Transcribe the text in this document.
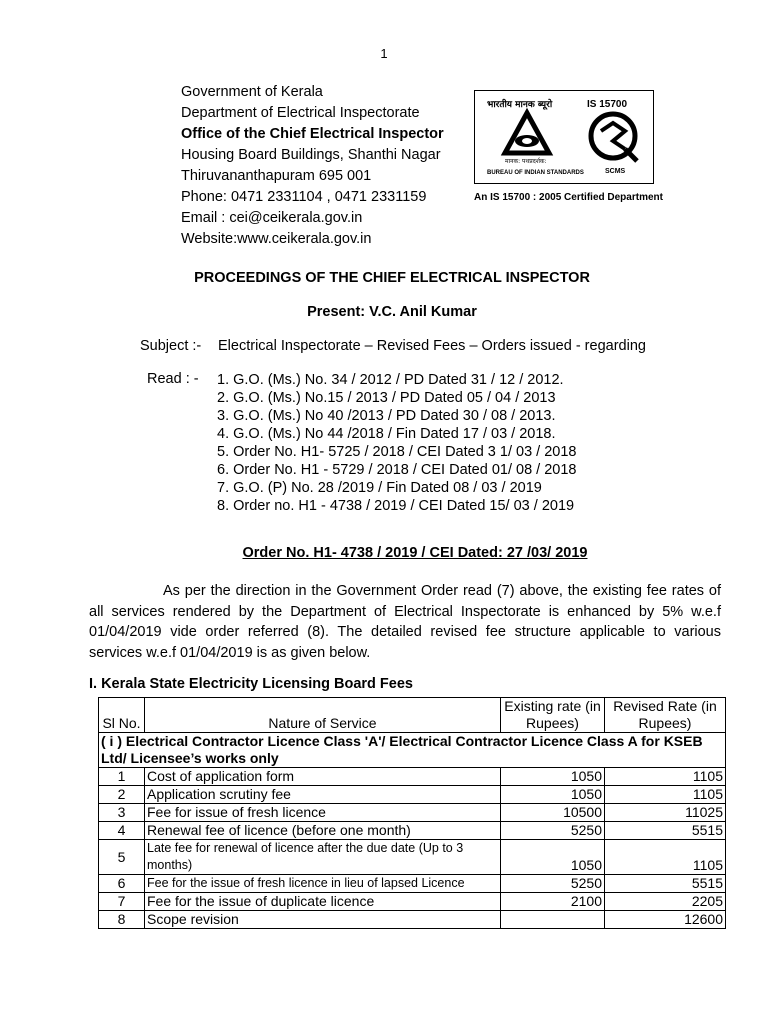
1
Government of Kerala
Department of Electrical Inspectorate
Office of the Chief Electrical Inspector
Housing Board Buildings, Shanthi Nagar
Thiruvananthapuram 695 001
Phone: 0471 2331104 , 0471 2331159
Email : cei@ceikerala.gov.in
Website:www.ceikerala.gov.in
भारतीय मानक ब्यूरो	IS 15700
मानक: पथप्रदर्शक:
BUREAU OF INDIAN STANDARDS	SCMS
An IS 15700 : 2005 Certified Department
PROCEEDINGS OF THE CHIEF ELECTRICAL INSPECTOR
Present: V.C. Anil Kumar
Subject :- Electrical Inspectorate – Revised Fees – Orders issued - regarding
Read : - 1. G.O. (Ms.) No. 34 / 2012 / PD Dated 31 / 12 / 2012.
2. G.O. (Ms.) No.15 / 2013 / PD Dated 05 / 04 / 2013
3. G.O. (Ms.) No 40 /2013 / PD Dated 30 / 08 / 2013.
4. G.O. (Ms.) No 44 /2018 / Fin Dated 17 / 03 / 2018.
5. Order No. H1- 5725 / 2018 / CEI Dated 3 1/ 03 / 2018
6. Order No. H1 - 5729 / 2018 / CEI Dated 01/ 08 / 2018
7. G.O. (P) No. 28 /2019 / Fin Dated 08 / 03 / 2019
8. Order no. H1 - 4738 / 2019 / CEI Dated 15/ 03 / 2019
Order No. H1- 4738 / 2019 / CEI Dated: 27 /03/ 2019

As per the direction in the Government Order read (7) above, the existing fee rates of all services rendered by the Department of Electrical Inspectorate is enhanced by 5% w.e.f 01/04/2019 vide order referred (8). The detailed revised fee structure applicable to various services w.e.f 01/04/2019 is as given below.

I. Kerala State Electricity Licensing Board Fees
Sl No.	Nature of Service	Existing rate (in Rupees)	Revised Rate (in Rupees)
( i ) Electrical Contractor Licence Class 'A'/ Electrical Contractor Licence Class A for KSEB Ltd/ Licensee’s works only			
1	Cost of application form	1050	1105
2	Application scrutiny fee	1050	1105
3	Fee for issue of fresh licence	10500	11025
4	Renewal fee of licence (before one month)	5250	5515
5	Late fee for renewal of licence after the due date (Up to 3 months)	1050	1105
6	Fee for the issue of fresh licence in lieu of lapsed Licence	5250	5515
7	Fee for the issue of duplicate licence	2100	2205
8	Scope revision		12600
